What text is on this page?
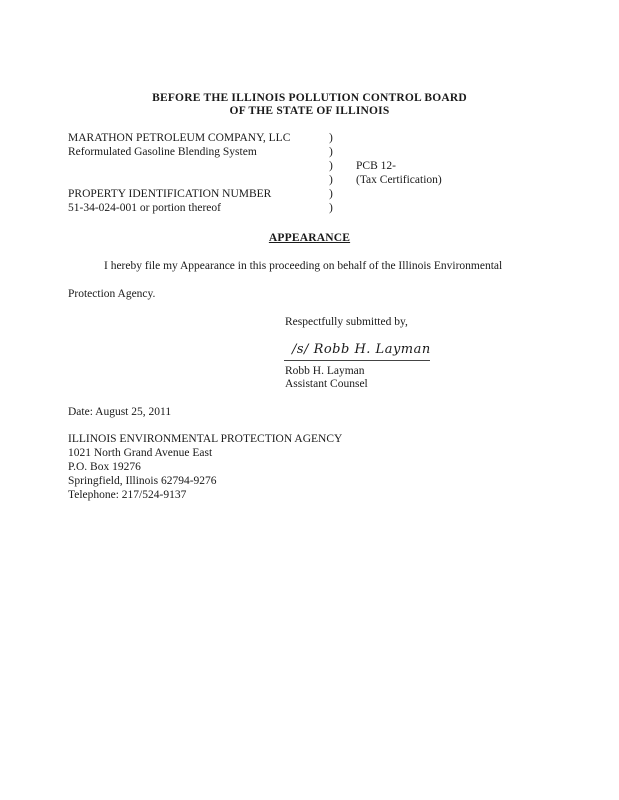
BEFORE THE ILLINOIS POLLUTION CONTROL BOARD
OF THE STATE OF ILLINOIS
MARATHON PETROLEUM COMPANY, LLC
Reformulated Gasoline Blending System
PROPERTY IDENTIFICATION NUMBER
51-34-024-001 or portion thereof
)
)
)
)
)
)
PCB 12-
(Tax Certification)
APPEARANCE
I hereby file my Appearance in this proceeding on behalf of the Illinois Environmental
Protection Agency.
Respectfully submitted by,
/s/ Robb H. Layman
Robb H. Layman
Assistant Counsel
Date: August 25, 2011
ILLINOIS ENVIRONMENTAL PROTECTION AGENCY
1021 North Grand Avenue East
P.O. Box 19276
Springfield, Illinois 62794-9276
Telephone: 217/524-9137
